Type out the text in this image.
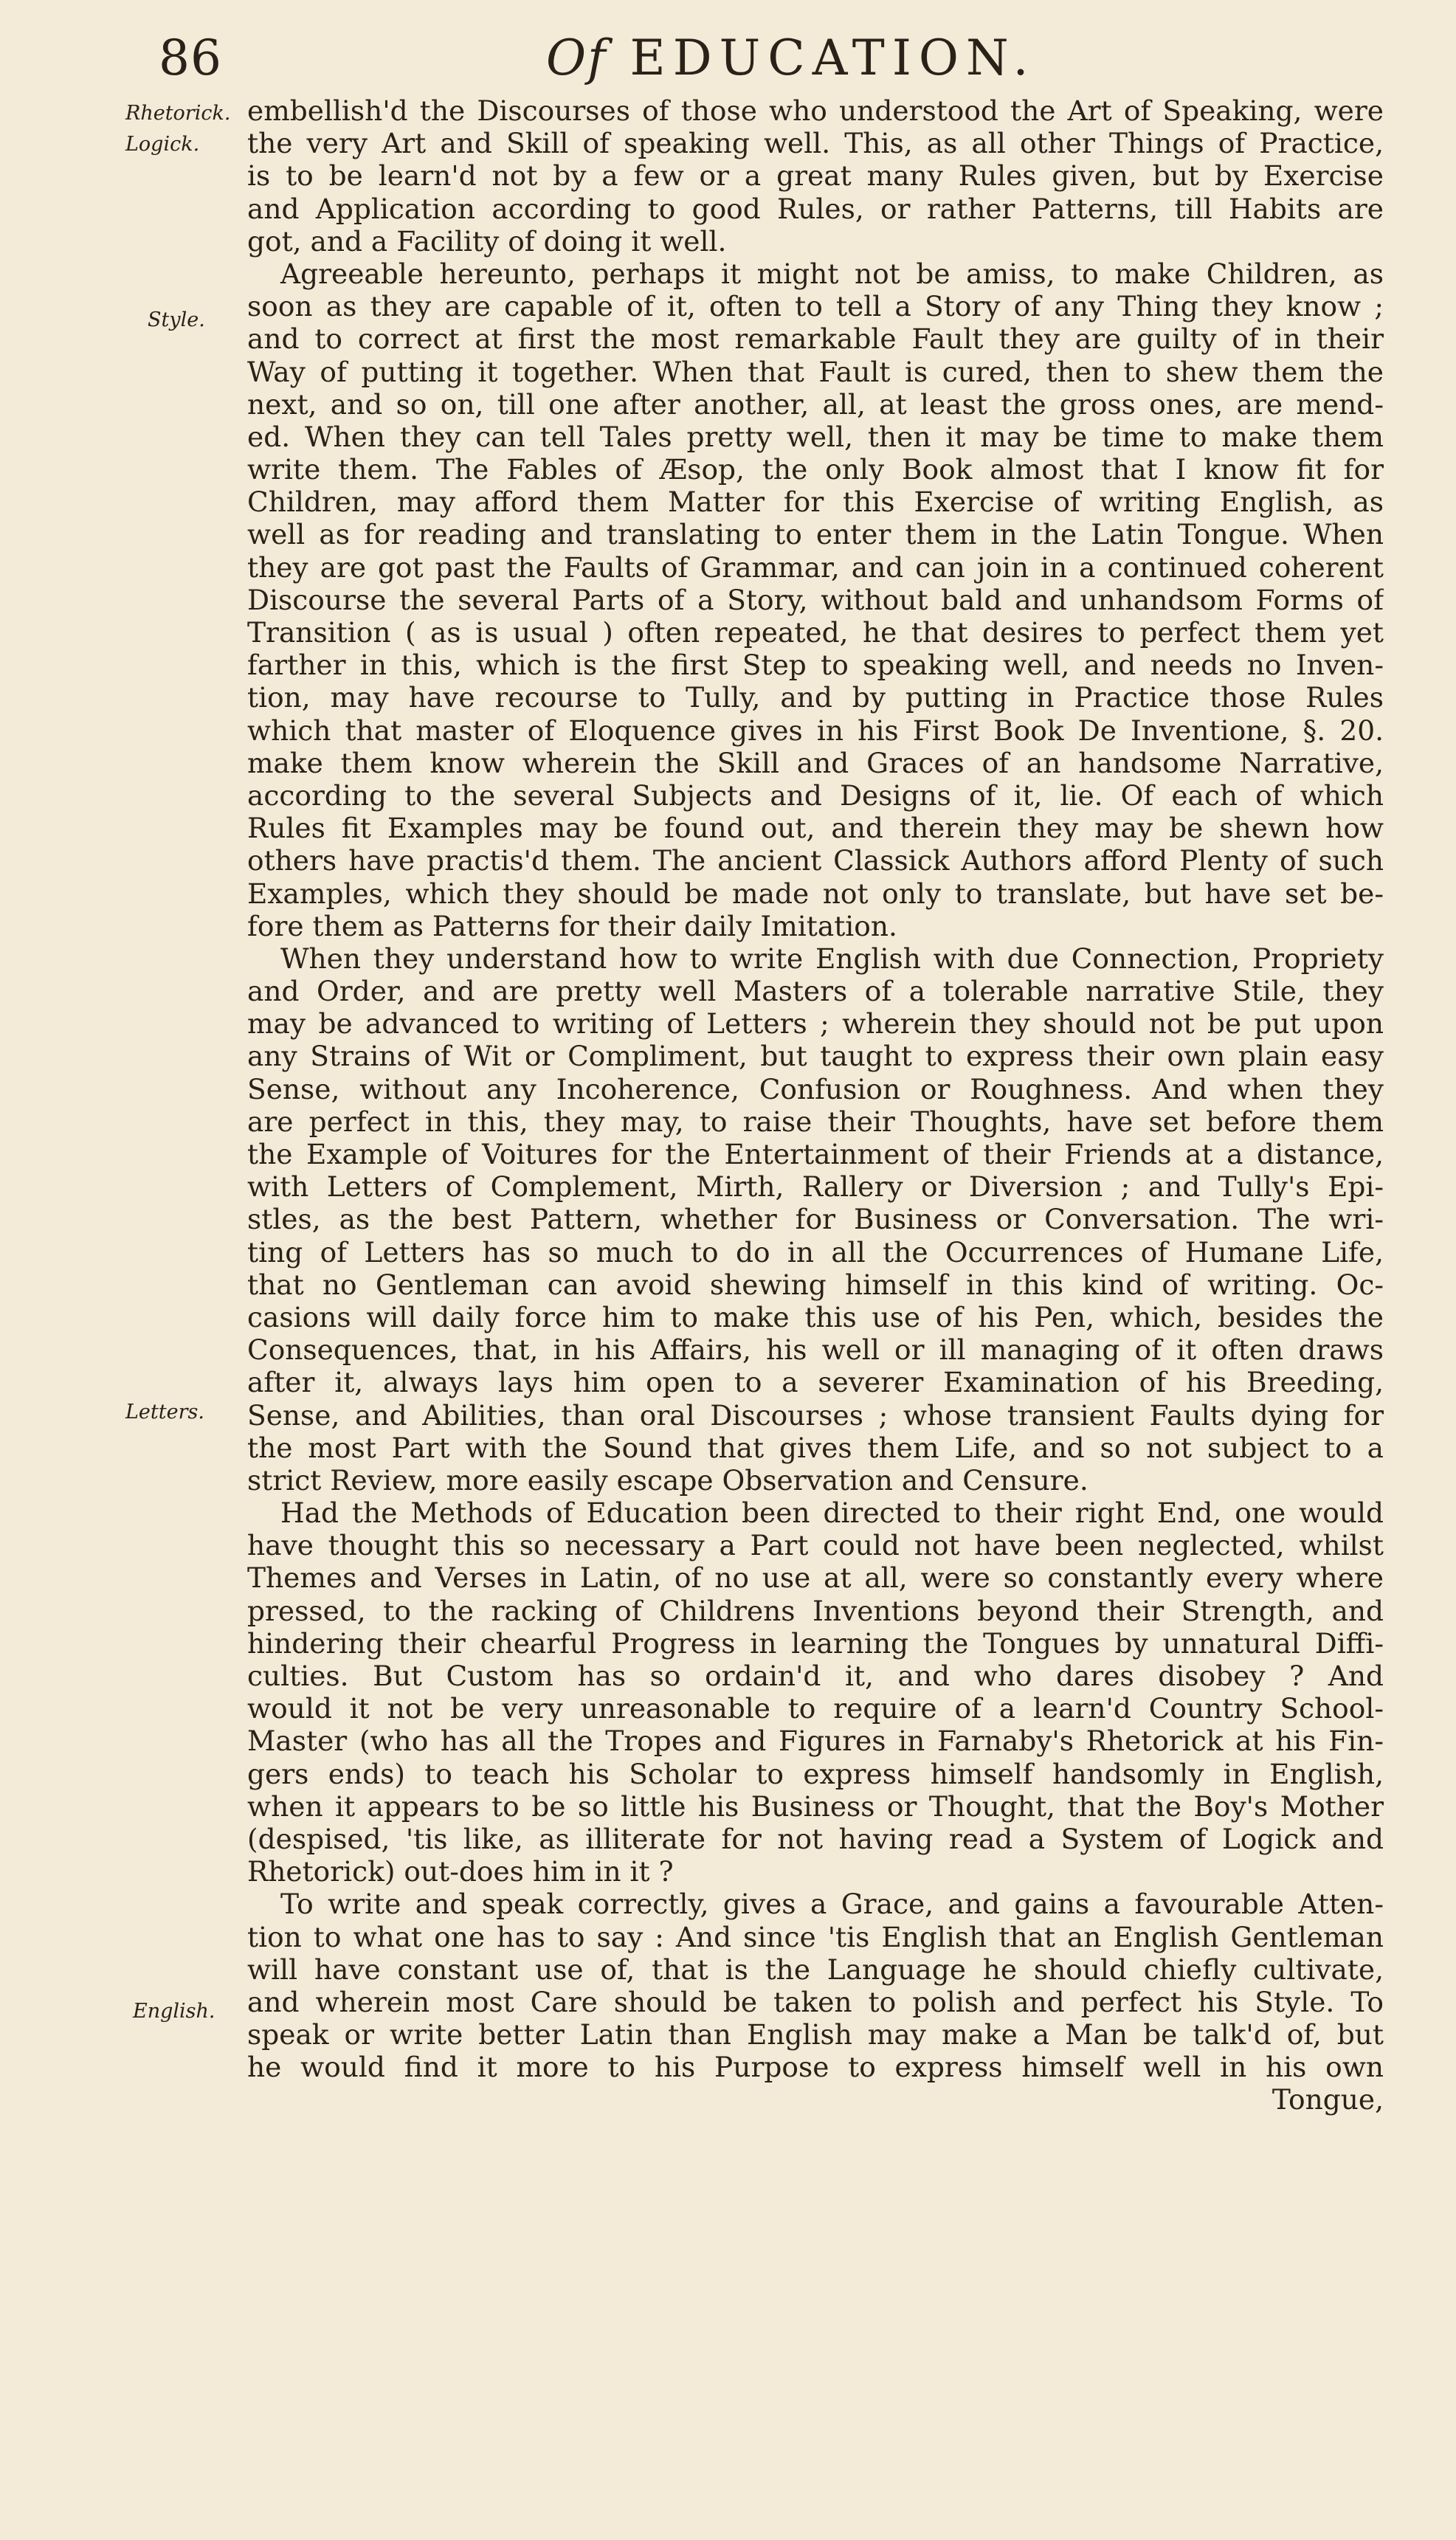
86	Of EDUCATION.
Rhetorick.
Logick.
Style.
Letters.
English.
embellish'd the Discourses of those who understood the Art of Speaking, were
the very Art and Skill of speaking well. This, as all other Things of Practice,
is to be learn'd not by a few or a great many Rules given, but by Exercise
and Application according to good Rules, or rather Patterns, till Habits are
got, and a Facility of doing it well.
Agreeable hereunto, perhaps it might not be amiss, to make Children, as
soon as they are capable of it, often to tell a Story of any Thing they know ;
and to correct at first the most remarkable Fault they are guilty of in their
Way of putting it together. When that Fault is cured, then to shew them the
next, and so on, till one after another, all, at least the gross ones, are mend-
ed. When they can tell Tales pretty well, then it may be time to make them
write them. The Fables of Æsop, the only Book almost that I know fit for
Children, may afford them Matter for this Exercise of writing English, as
well as for reading and translating to enter them in the Latin Tongue. When
they are got past the Faults of Grammar, and can join in a continued coherent
Discourse the several Parts of a Story, without bald and unhandsom Forms of
Transition ( as is usual ) often repeated, he that desires to perfect them yet
farther in this, which is the first Step to speaking well, and needs no Inven-
tion, may have recourse to Tully, and by putting in Practice those Rules
which that master of Eloquence gives in his First Book De Inventione, §. 20.
make them know wherein the Skill and Graces of an handsome Narrative,
according to the several Subjects and Designs of it, lie. Of each of which
Rules fit Examples may be found out, and therein they may be shewn how
others have practis'd them. The ancient Classick Authors afford Plenty of such
Examples, which they should be made not only to translate, but have set be-
fore them as Patterns for their daily Imitation.
When they understand how to write English with due Connection, Propriety
and Order, and are pretty well Masters of a tolerable narrative Stile, they
may be advanced to writing of Letters ; wherein they should not be put upon
any Strains of Wit or Compliment, but taught to express their own plain easy
Sense, without any Incoherence, Confusion or Roughness. And when they
are perfect in this, they may, to raise their Thoughts, have set before them
the Example of Voitures for the Entertainment of their Friends at a distance,
with Letters of Complement, Mirth, Rallery or Diversion ; and Tully's Epi-
stles, as the best Pattern, whether for Business or Conversation. The wri-
ting of Letters has so much to do in all the Occurrences of Humane Life,
that no Gentleman can avoid shewing himself in this kind of writing. Oc-
casions will daily force him to make this use of his Pen, which, besides the
Consequences, that, in his Affairs, his well or ill managing of it often draws
after it, always lays him open to a severer Examination of his Breeding,
Sense, and Abilities, than oral Discourses ; whose transient Faults dying for
the most Part with the Sound that gives them Life, and so not subject to a
strict Review, more easily escape Observation and Censure.
Had the Methods of Education been directed to their right End, one would
have thought this so necessary a Part could not have been neglected, whilst
Themes and Verses in Latin, of no use at all, were so constantly every where
pressed, to the racking of Childrens Inventions beyond their Strength, and
hindering their chearful Progress in learning the Tongues by unnatural Diffi-
culties. But Custom has so ordain'd it, and who dares disobey ? And
would it not be very unreasonable to require of a learn'd Country School-
Master (who has all the Tropes and Figures in Farnaby's Rhetorick at his Fin-
gers ends) to teach his Scholar to express himself handsomly in English,
when it appears to be so little his Business or Thought, that the Boy's Mother
(despised, 'tis like, as illiterate for not having read a System of Logick and
Rhetorick) out-does him in it ?
To write and speak correctly, gives a Grace, and gains a favourable Atten-
tion to what one has to say : And since 'tis English that an English Gentleman
will have constant use of, that is the Language he should chiefly cultivate,
and wherein most Care should be taken to polish and perfect his Style. To
speak or write better Latin than English may make a Man be talk'd of, but
he would find it more to his Purpose to express himself well in his own
Tongue,
